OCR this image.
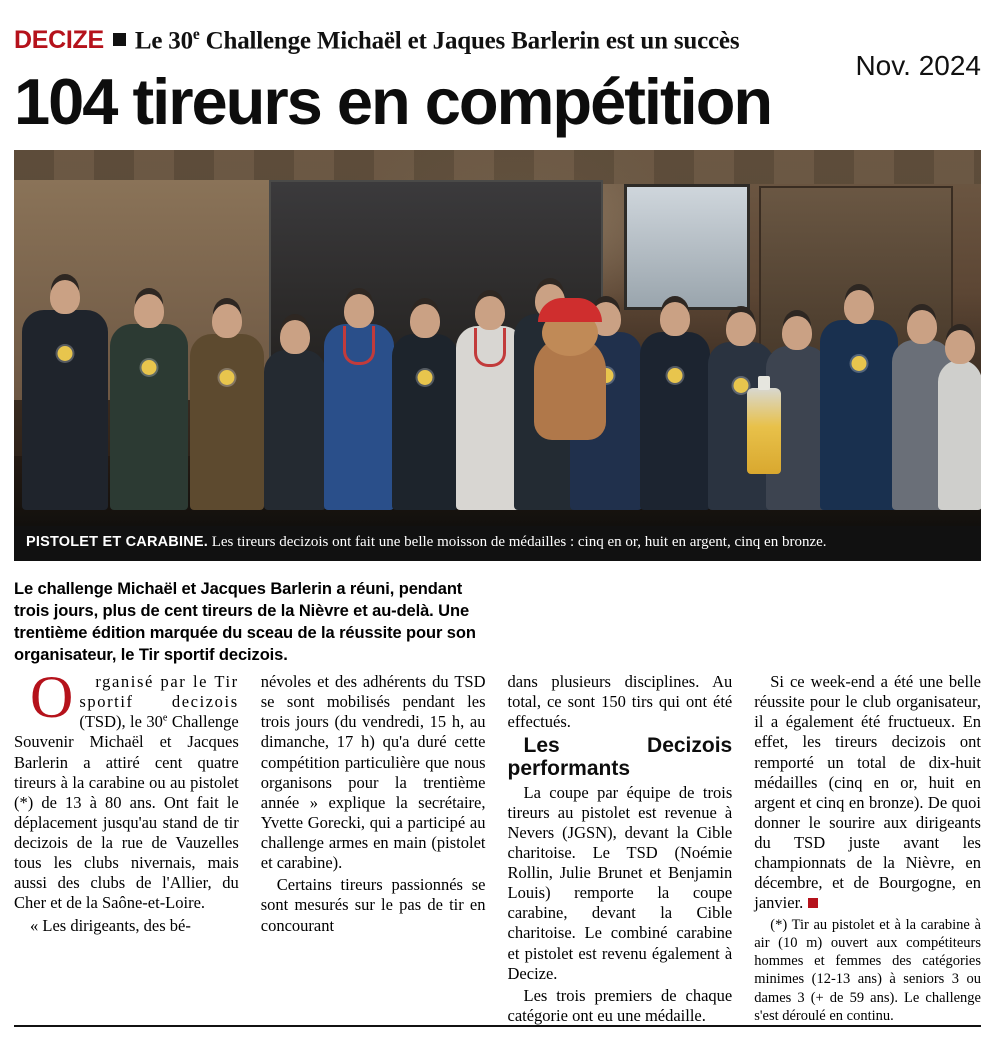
DECIZE Le 30e Challenge Michaël et Jaques Barlerin est un succès
Nov. 2024
104 tireurs en compétition
PISTOLET ET CARABINE. Les tireurs decizois ont fait une belle moisson de médailles : cinq en or, huit en argent, cinq en bronze.
Le challenge Michaël et Jacques Barlerin a réuni, pendant trois jours, plus de cent tireurs de la Nièvre et au-delà. Une trentième édition marquée du sceau de la réussite pour son organisateur, le Tir sportif decizois.

O	rganisé par le Tir sportif decizois (TSD), le 30e Challenge Souvenir Michaël et Jacques Barlerin a attiré cent quatre tireurs à la carabine ou au pistolet (*) de 13 à 80 ans. Ont fait le déplacement jusqu'au stand de tir decizois de la rue de Vauzelles tous les clubs nivernais, mais aussi des clubs de l'Allier, du Cher et de la Saône-et-Loire.

« Les dirigeants, des bé-

névoles et des adhérents du TSD se sont mobilisés pendant les trois jours (du vendredi, 15 h, au dimanche, 17 h) qu'a duré cette compétition particulière que nous organisons pour la trentième année » explique la secrétaire, Yvette Gorecki, qui a participé au challenge armes en main (pistolet et carabine).

Certains tireurs passionnés se sont mesurés sur le pas de tir en concourant

dans plusieurs disciplines. Au total, ce sont 150 tirs qui ont été effectués.

Les Decizois performants

La coupe par équipe de trois tireurs au pistolet est revenue à Nevers (JGSN), devant la Cible charitoise. Le TSD (Noémie Rollin, Julie Brunet et Benjamin Louis) remporte la coupe carabine, devant la Cible charitoise. Le combiné carabine et pistolet est revenu également à Decize.

Les trois premiers de chaque catégorie ont eu une médaille.

Si ce week-end a été une belle réussite pour le club organisateur, il a également été fructueux. En effet, les tireurs decizois ont remporté un total de dix-huit médailles (cinq en or, huit en argent et cinq en bronze). De quoi donner le sourire aux dirigeants du TSD juste avant les championnats de la Nièvre, en décembre, et de Bourgogne, en janvier.

(*) Tir au pistolet et à la carabine à air (10 m) ouvert aux compétiteurs hommes et femmes des catégories minimes (12-13 ans) à seniors 3 ou dames 3 (+ de 59 ans). Le challenge s'est déroulé en continu.
